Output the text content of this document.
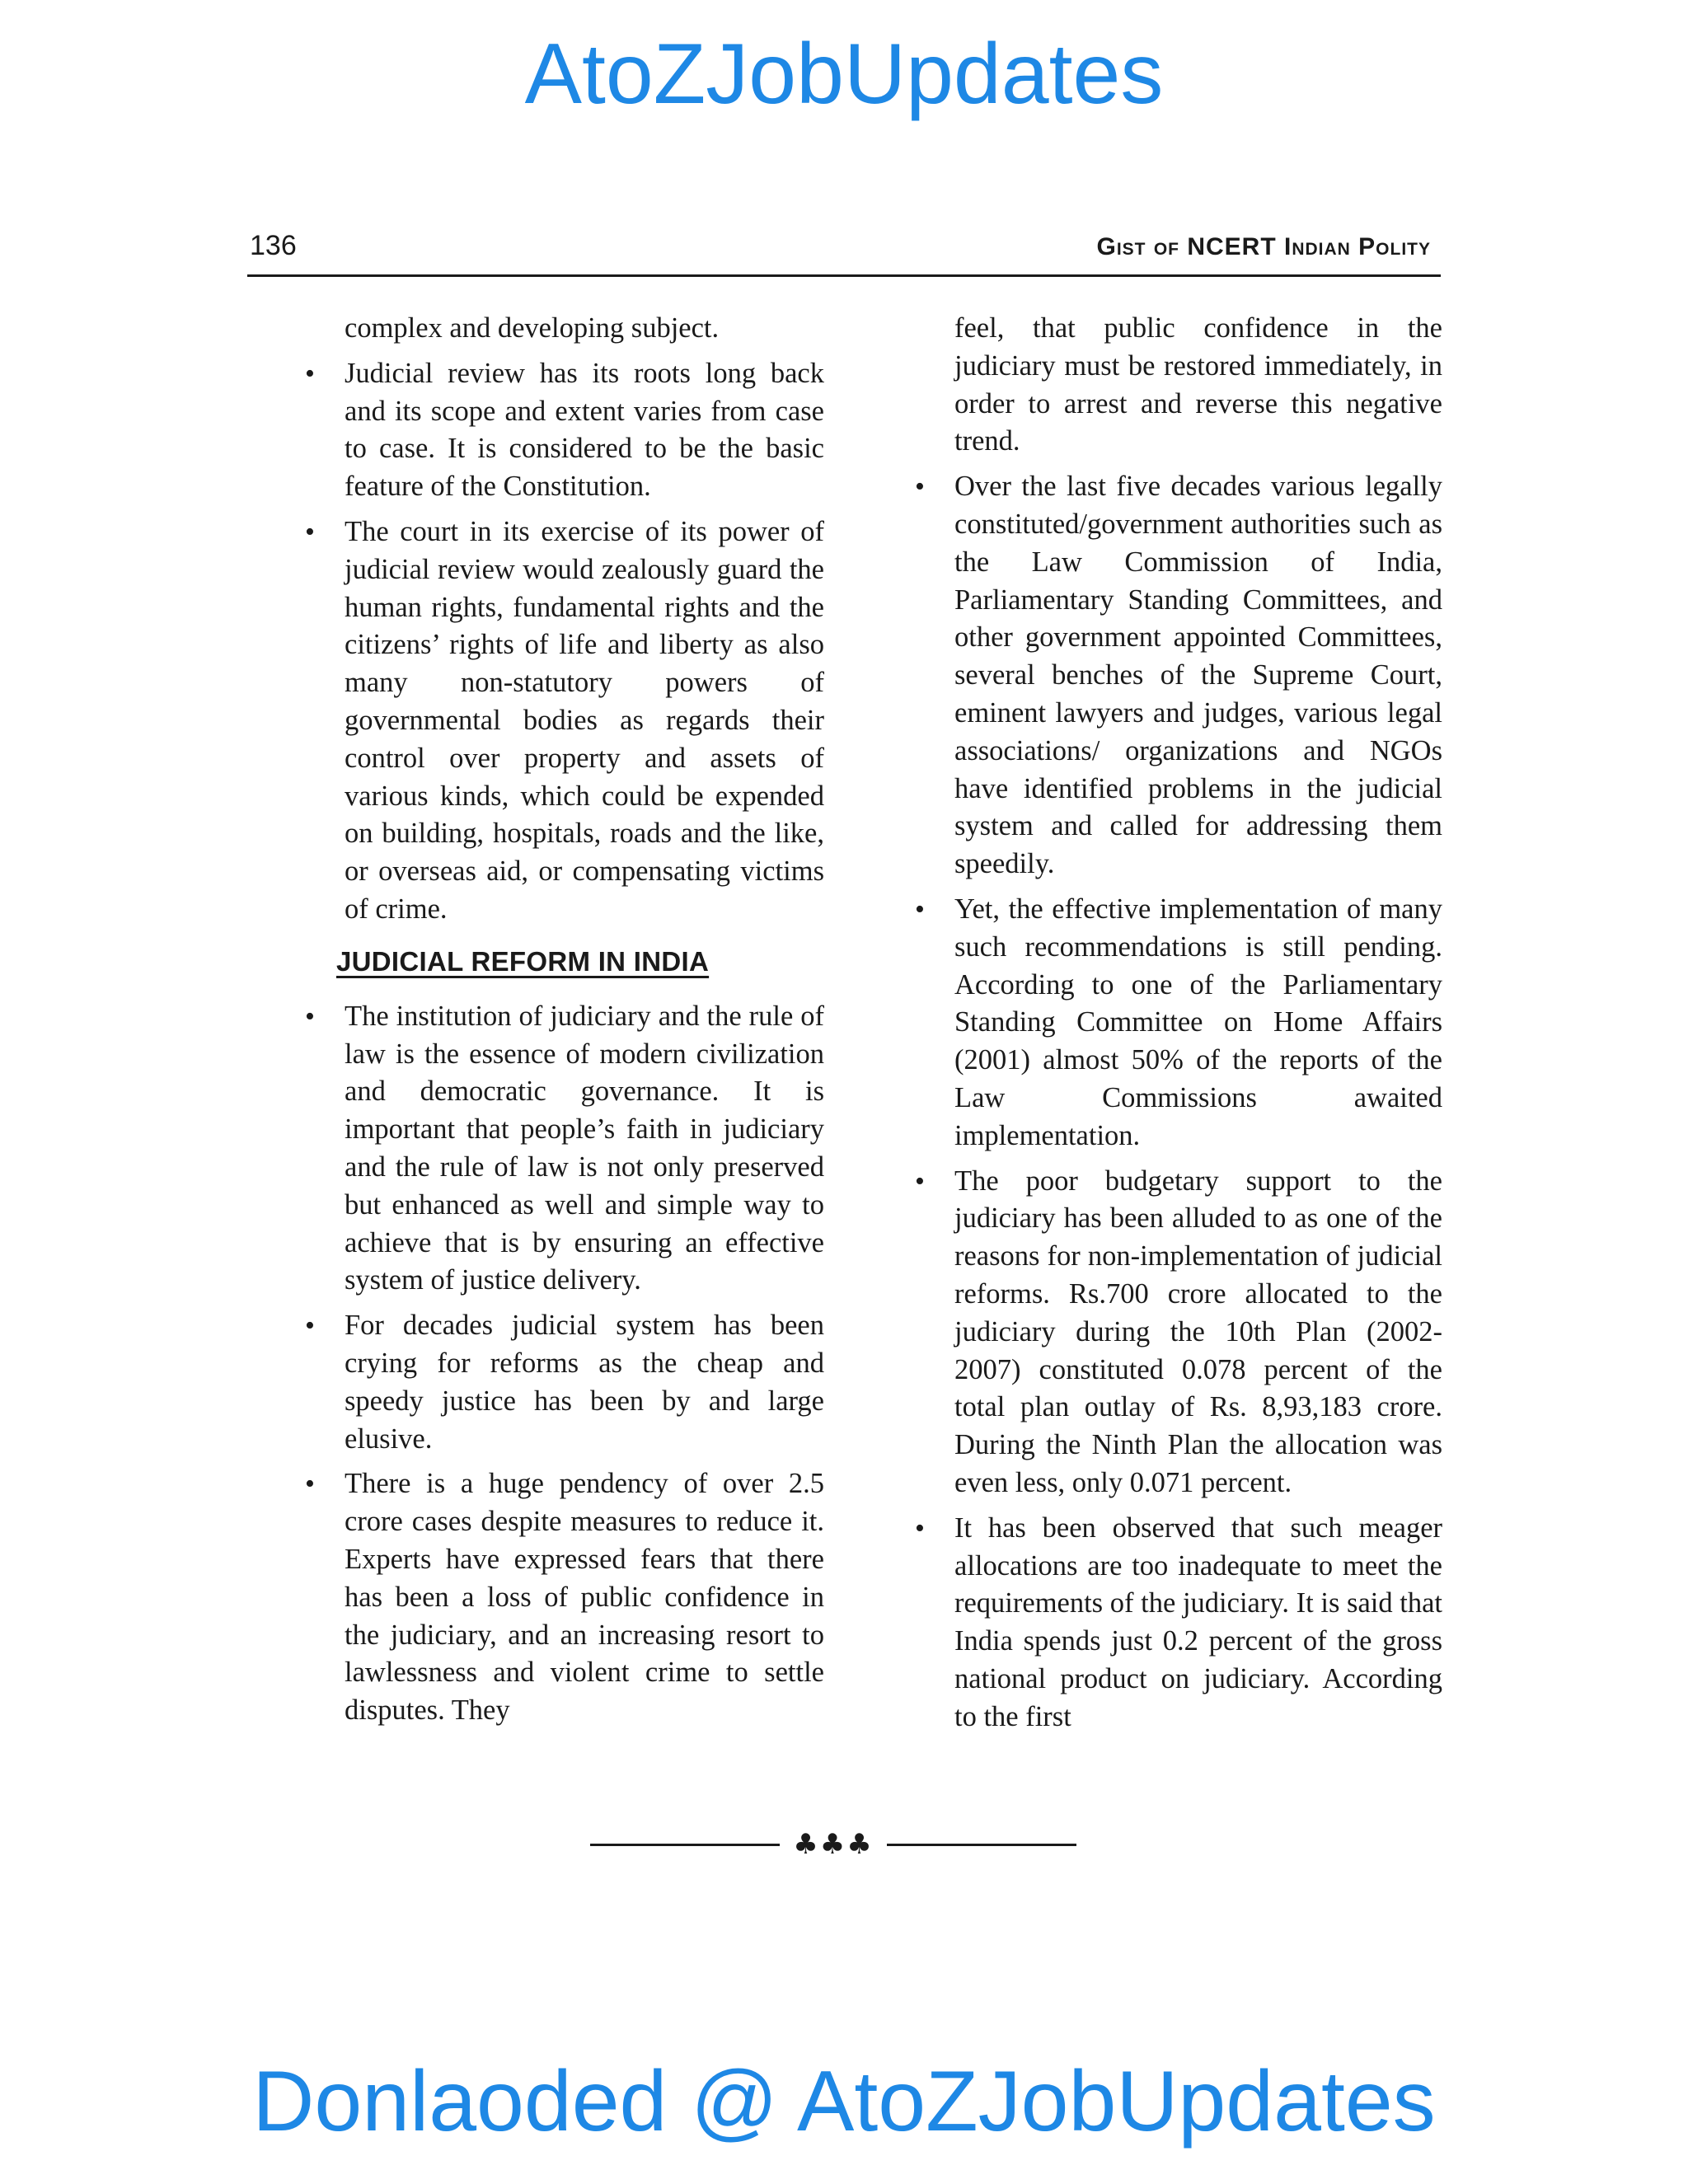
AtoZJobUpdates
136	Gist of NCERT Indian Polity

complex and developing subject.

• Judicial review has its roots long back and its scope and extent varies from case to case. It is considered to be the basic feature of the Constitution.

• The court in its exercise of its power of judicial review would zealously guard the human rights, fundamental rights and the citizens’ rights of life and liberty as also many non-statutory powers of governmental bodies as regards their control over property and assets of various kinds, which could be expended on building, hospitals, roads and the like, or overseas aid, or compensating victims of crime.

JUDICIAL REFORM IN INDIA

• The institution of judiciary and the rule of law is the essence of modern civilization and democratic governance. It is important that people’s faith in judiciary and the rule of law is not only preserved but enhanced as well and simple way to achieve that is by ensuring an effective system of justice delivery.

• For decades judicial system has been crying for reforms as the cheap and speedy justice has been by and large elusive.

• There is a huge pendency of over 2.5 crore cases despite measures to reduce it. Experts have expressed fears that there has been a loss of public confidence in the judiciary, and an increasing resort to lawlessness and violent crime to settle disputes. They

feel, that public confidence in the judiciary must be restored immediately, in order to arrest and reverse this negative trend.

• Over the last five decades various legally constituted/government authorities such as the Law Commission of India, Parliamentary Standing Committees, and other government appointed Committees, several benches of the Supreme Court, eminent lawyers and judges, various legal associations/ organizations and NGOs have identified problems in the judicial system and called for addressing them speedily.

• Yet, the effective implementation of many such recommendations is still pending. According to one of the Parliamentary Standing Committee on Home Affairs (2001) almost 50% of the reports of the Law Commissions awaited implementation.

• The poor budgetary support to the judiciary has been alluded to as one of the reasons for non-implementation of judicial reforms. Rs.700 crore allocated to the judiciary during the 10th Plan (2002-2007) constituted 0.078 percent of the total plan outlay of Rs. 8,93,183 crore. During the Ninth Plan the allocation was even less, only 0.071 percent.

• It has been observed that such meager allocations are too inadequate to meet the requirements of the judiciary. It is said that India spends just 0.2 percent of the gross national product on judiciary. According to the first

♣♣♣
Donlaoded @ AtoZJobUpdates
